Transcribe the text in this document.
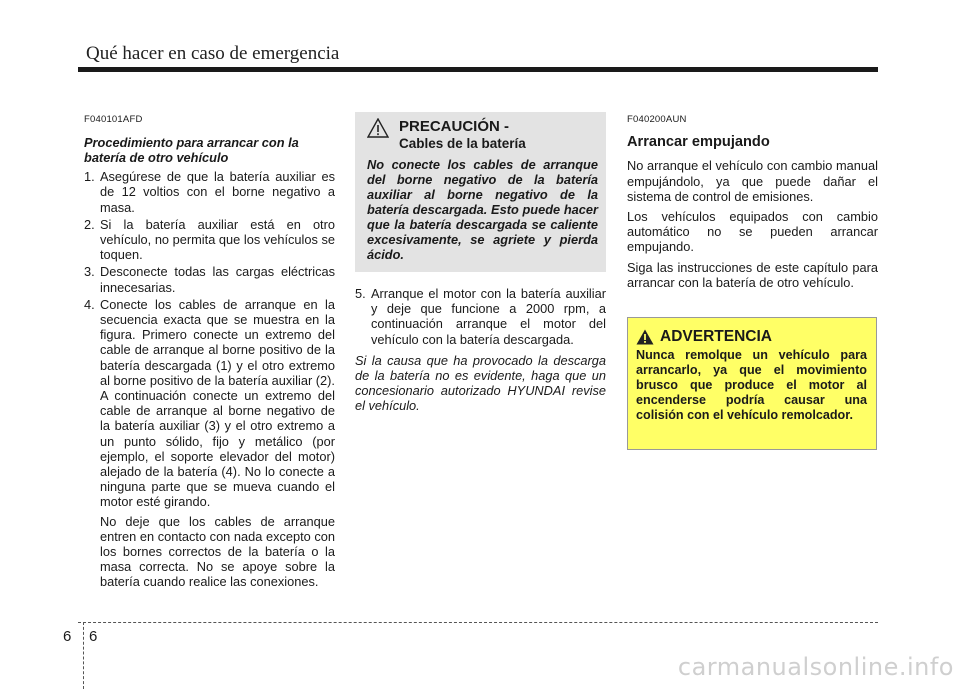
Qué hacer en caso de emergencia
F040101AFD
Procedimiento para arrancar con la batería de otro vehículo
1. Asegúrese de que la batería auxiliar es de 12 voltios con el borne negativo a masa.
2. Si la batería auxiliar está en otro vehículo, no permita que los vehículos se toquen.
3. Desconecte todas las cargas eléctricas innecesarias.
4. Conecte los cables de arranque en la secuencia exacta que se muestra en la figura. Primero conecte un extremo del cable de arranque al borne positivo de la batería descargada (1) y el otro extremo al borne positivo de la batería auxiliar (2). A continuación conecte un extremo del cable de arranque al borne negativo de la batería auxiliar (3) y el otro extremo a un punto sólido, fijo y metálico (por ejemplo, el soporte elevador del motor) alejado de la batería (4). No lo conecte a ninguna parte que se mueva cuando el motor esté girando.

No deje que los cables de arranque entren en contacto con nada excepto con los bornes correctos de la batería o la masa correcta. No se apoye sobre la batería cuando realice las conexiones.

PRECAUCIÓN -
Cables de la batería
No conecte los cables de arranque del borne negativo de la batería auxiliar al borne negativo de la batería descargada. Esto puede hacer que la batería descargada se caliente excesivamente, se agriete y pierda ácido.
5. Arranque el motor con la batería auxiliar y deje que funcione a 2000 rpm, a continuación arranque el motor del vehículo con la batería descargada.

Si la causa que ha provocado la descarga de la batería no es evidente, haga que un concesionario autorizado HYUNDAI revise el vehículo.

F040200AUN
Arrancar empujando

No arranque el vehículo con cambio manual empujándolo, ya que puede dañar el sistema de control de emisiones.

Los vehículos equipados con cambio automático no se pueden arrancar empujando.

Siga las instrucciones de este capítulo para arrancar con la batería de otro vehículo.

ADVERTENCIA
Nunca remolque un vehículo para arrancarlo, ya que el movimiento brusco que produce el motor al encenderse podría causar una colisión con el vehículo remolcador.
6 6
carmanualsonline.info
